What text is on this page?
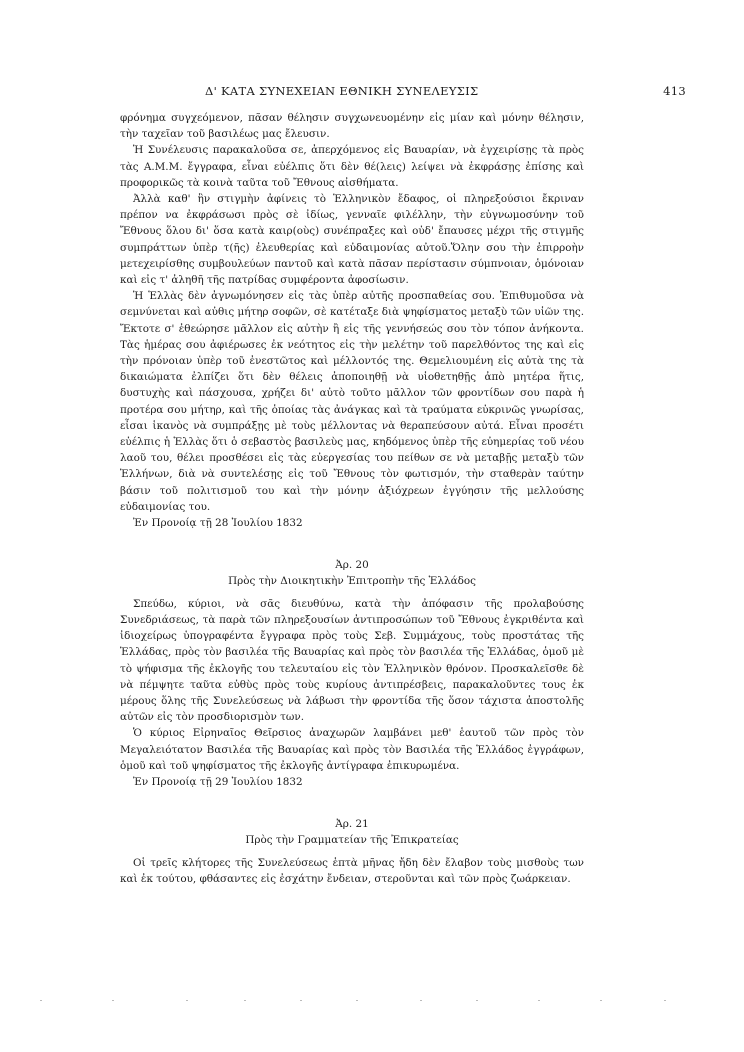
Δ' ΚΑΤΑ ΣΥΝΕΧΕΙΑΝ ΕΘΝΙΚΗ ΣΥΝΕΛΕΥΣΙΣ	413

φρόνημα συγχεόμενον, πᾶσαν θέλησιν συγχωνευομένην εἰς μίαν καὶ μόνην θέλησιν, τὴν ταχεῖαν τοῦ βασιλέως μας ἔλευσιν.

Ἡ Συνέλευσις παρακαλοῦσα σε, ἀπερχόμενος εἰς Βαυαρίαν, νὰ ἐγχειρίσῃς τὰ πρὸς τὰς Α.Μ.Μ. ἔγγραφα, εἶναι εὐέλπις ὅτι δὲν θέ(λεις) λείψει νὰ ἐκφράσῃς ἐπίσης καὶ προφορικῶς τὰ κοινὰ ταῦτα τοῦ Ἔθνους αἰσθήματα.

Ἀλλὰ καθ' ἣν στιγμὴν ἀφίνεις τὸ Ἑλληνικὸν ἔδαφος, οἱ πληρεξούσιοι ἔκριναν πρέπον να ἐκφράσωσι πρὸς σὲ ἰδίως, γενναῖε φιλέλλην, τὴν εὐγνωμοσύνην τοῦ Ἔθνους ὅλου δι' ὅσα κατὰ καιρ(οὺς) συνέπραξες καὶ οὐδ' ἔπαυσες μέχρι τῆς στιγμῆς συμπράττων ὑπὲρ τ(ῆς) ἐλευθερίας καὶ εὐδαιμονίας αὐτοῦ.Ὅλην σου τὴν ἐπιρροὴν μετεχειρίσθης συμβουλεύων παντοῦ καὶ κατὰ πᾶσαν περίστασιν σύμπνοιαν, ὁμόνοιαν καὶ εἰς τ' ἀληθῆ τῆς πατρίδας συμφέροντα ἀφοσίωσιν.

Ἡ Ἑλλὰς δὲν ἀγνωμόνησεν εἰς τὰς ὑπὲρ αὐτῆς προσπαθείας σου. Ἐπιθυμοῦσα νὰ σεμνύνεται καὶ αὐθις μήτηρ σοφῶν, σὲ κατέταξε διὰ ψηφίσματος μεταξὺ τῶν υἱῶν της. Ἔκτοτε σ' ἐθεώρησε μᾶλλον εἰς αὐτὴν ἢ εἰς τῆς γεννήσεώς σου τὸν τόπον ἀνήκοντα. Τὰς ἡμέρας σου ἀφιέρωσες ἐκ νεότητος εἰς τὴν μελέτην τοῦ παρελθόντος της καὶ εἰς τὴν πρόνοιαν ὑπὲρ τοῦ ἐνεστῶτος καὶ μέλλοντός της. Θεμελιουμένη εἰς αὐτὰ της τὰ δικαιώματα ἐλπίζει ὅτι δὲν θέλεις ἀποποιηθῇ νὰ υἱοθετηθῇς ἀπὸ μητέρα ἥτις, δυστυχὴς καὶ πάσχουσα, χρήζει δι' αὐτὸ τοῦτο μᾶλλον τῶν φροντίδων σου παρὰ ἡ προτέρα σου μήτηρ, καὶ τῆς ὁποίας τὰς ἀνάγκας καὶ τὰ τραύματα εὐκρινῶς γνωρίσας, εἶσαι ἱκανὸς νὰ συμπράξῃς μὲ τοὺς μέλλοντας νὰ θεραπεύσουν αὐτά. Εἶναι προσέτι εὐέλπις ἡ Ἑλλὰς ὅτι ὁ σεβαστὸς βασιλεὺς μας, κηδόμενος ὑπὲρ τῆς εὐημερίας τοῦ νέου λαοῦ του, θέλει προσθέσει εἰς τὰς εὐεργεσίας του πείθων σε νὰ μεταβῇς μεταξὺ τῶν Ἑλλήνων, διὰ νὰ συντελέσῃς εἰς τοῦ Ἔθνους τὸν φωτισμόν, τὴν σταθερὰν ταύτην βάσιν τοῦ πολιτισμοῦ του καὶ τὴν μόνην ἀξιόχρεων ἐγγύησιν τῆς μελλούσης εὐδαιμονίας του.

Ἐν Προνοίᾳ τῇ 28 Ἰουλίου 1832

Ἀρ. 20

Πρὸς τὴν Διοικητικὴν Ἐπιτροπὴν τῆς Ἑλλάδος

Σπεύδω, κύριοι, νὰ σᾶς διευθύνω, κατὰ τὴν ἀπόφασιν τῆς προλαβούσης Συνεδριάσεως, τὰ παρὰ τῶν πληρεξουσίων ἀντιπροσώπων τοῦ Ἔθνους ἐγκριθέντα καὶ ἰδιοχείρως ὑπογραφέντα ἔγγραφα πρὸς τοὺς Σεβ. Συμμάχους, τοὺς προστάτας τῆς Ἑλλάδας, πρὸς τὸν βασιλέα τῆς Βαυαρίας καὶ πρὸς τὸν βασιλέα τῆς Ἑλλάδας, ὁμοῦ μὲ τὸ ψήφισμα τῆς ἐκλογῆς του τελευταίου εἰς τὸν Ἑλληνικὸν θρόνον. Προσκαλεῖσθε δὲ νὰ πέμψητε ταῦτα εὐθὺς πρὸς τοὺς κυρίους ἀντιπρέσβεις, παρακαλοῦντες τους ἐκ μέρους ὅλης τῆς Συνελεύσεως νὰ λάβωσι τὴν φροντίδα τῆς ὅσον τάχιστα ἀποστολῆς αὐτῶν εἰς τὸν προσδιορισμὸν των.

Ὁ κύριος Εἰρηναῖος Θεῖρσιος ἀναχωρῶν λαμβάνει μεθ' ἑαυτοῦ τῶν πρὸς τὸν Μεγαλειότατον Βασιλέα τῆς Βαυαρίας καὶ πρὸς τὸν Βασιλέα τῆς Ἑλλάδος ἐγγράφων, ὁμοῦ καὶ τοῦ ψηφίσματος τῆς ἐκλογῆς ἀντίγραφα ἐπικυρωμένα.

Ἐν Προνοίᾳ τῇ 29 Ἰουλίου 1832

Ἀρ. 21

Πρὸς τὴν Γραμματείαν τῆς Ἐπικρατείας

Οἱ τρεῖς κλήτορες τῆς Συνελεύσεως ἑπτὰ μῆνας ἤδη δὲν ἔλαβον τοὺς μισθοὺς των καὶ ἐκ τούτου, φθάσαντες εἰς ἐσχάτην ἔνδειαν, στεροῦνται καὶ τῶν πρὸς ζωάρκειαν.
